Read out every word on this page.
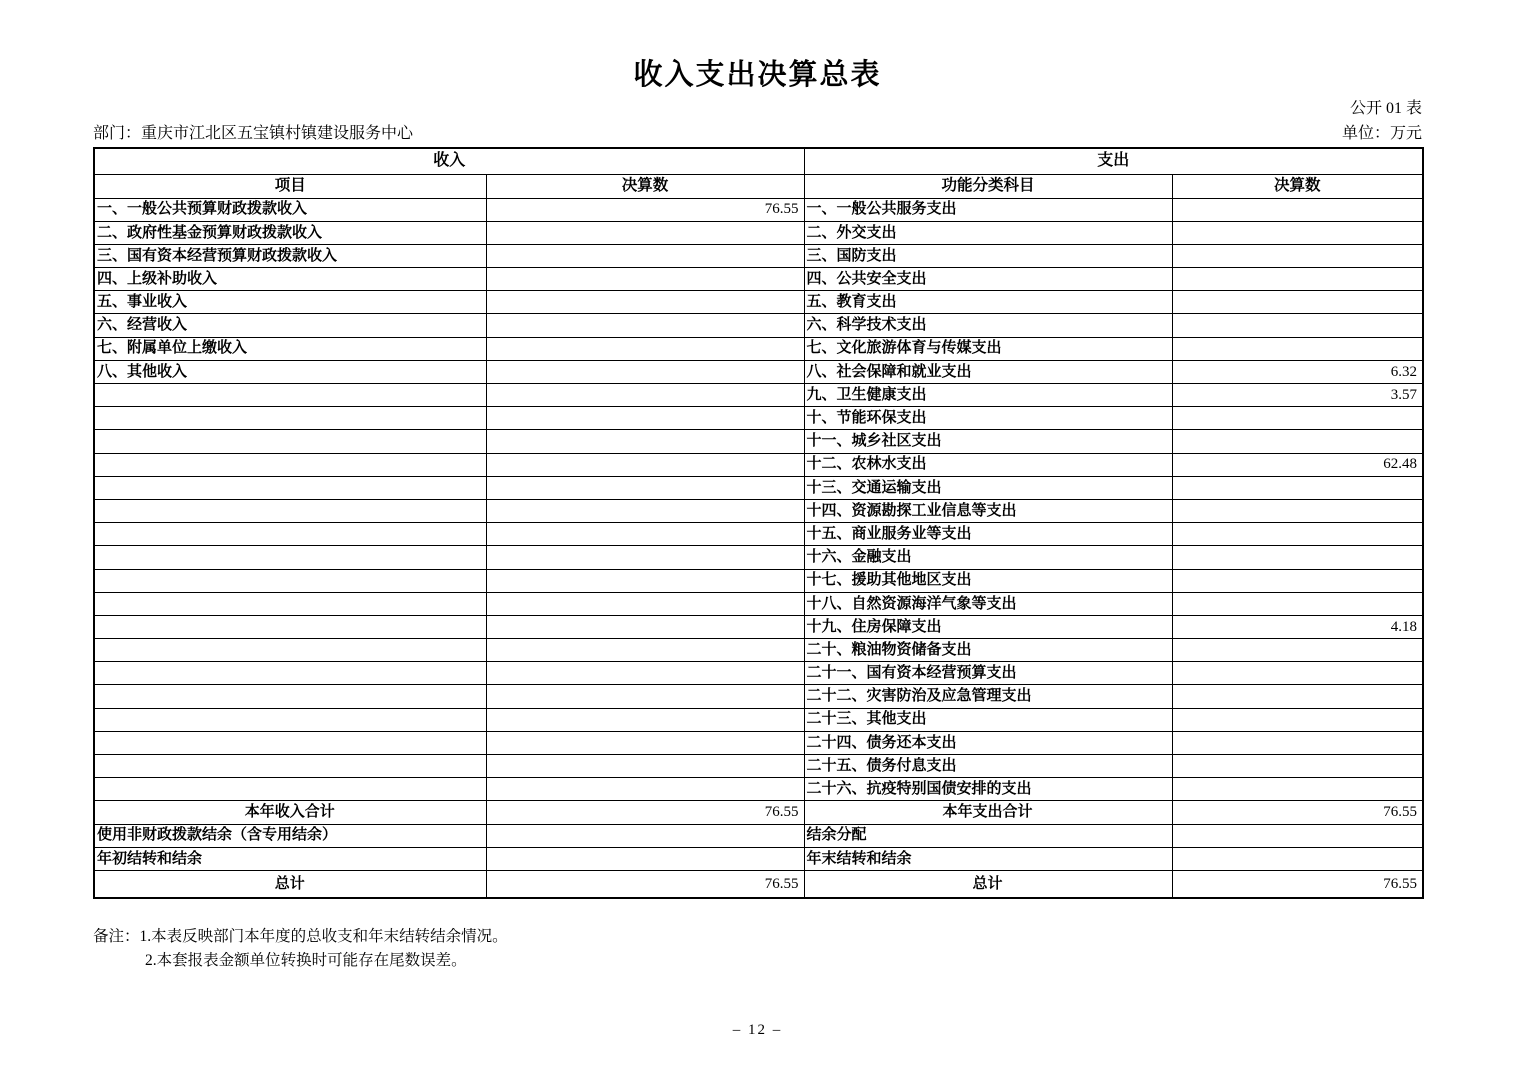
收入支出决算总表
公开 01 表
部门：重庆市江北区五宝镇村镇建设服务中心	单位：万元
收入		支出	
项目	决算数	功能分类科目	决算数
一、一般公共预算财政拨款收入	76.55	一、一般公共服务支出	
二、政府性基金预算财政拨款收入		二、外交支出	
三、国有资本经营预算财政拨款收入		三、国防支出	
四、上级补助收入		四、公共安全支出	
五、事业收入		五、教育支出	
六、经营收入		六、科学技术支出	
七、附属单位上缴收入		七、文化旅游体育与传媒支出	
八、其他收入		八、社会保障和就业支出	6.32
		九、卫生健康支出	3.57
		十、节能环保支出	
		十一、城乡社区支出	
		十二、农林水支出	62.48
		十三、交通运输支出	
		十四、资源勘探工业信息等支出	
		十五、商业服务业等支出	
		十六、金融支出	
		十七、援助其他地区支出	
		十八、自然资源海洋气象等支出	
		十九、住房保障支出	4.18
		二十、粮油物资储备支出	
		二十一、国有资本经营预算支出	
		二十二、灾害防治及应急管理支出	
		二十三、其他支出	
		二十四、债务还本支出	
		二十五、债务付息支出	
		二十六、抗疫特别国债安排的支出	
本年收入合计	76.55	本年支出合计	76.55
使用非财政拨款结余（含专用结余）		结余分配	
年初结转和结余		年末结转和结余	
总计	76.55	总计	76.55
备注：1.本表反映部门本年度的总收支和年末结转结余情况。
2.本套报表金额单位转换时可能存在尾数误差。
– 12 –
